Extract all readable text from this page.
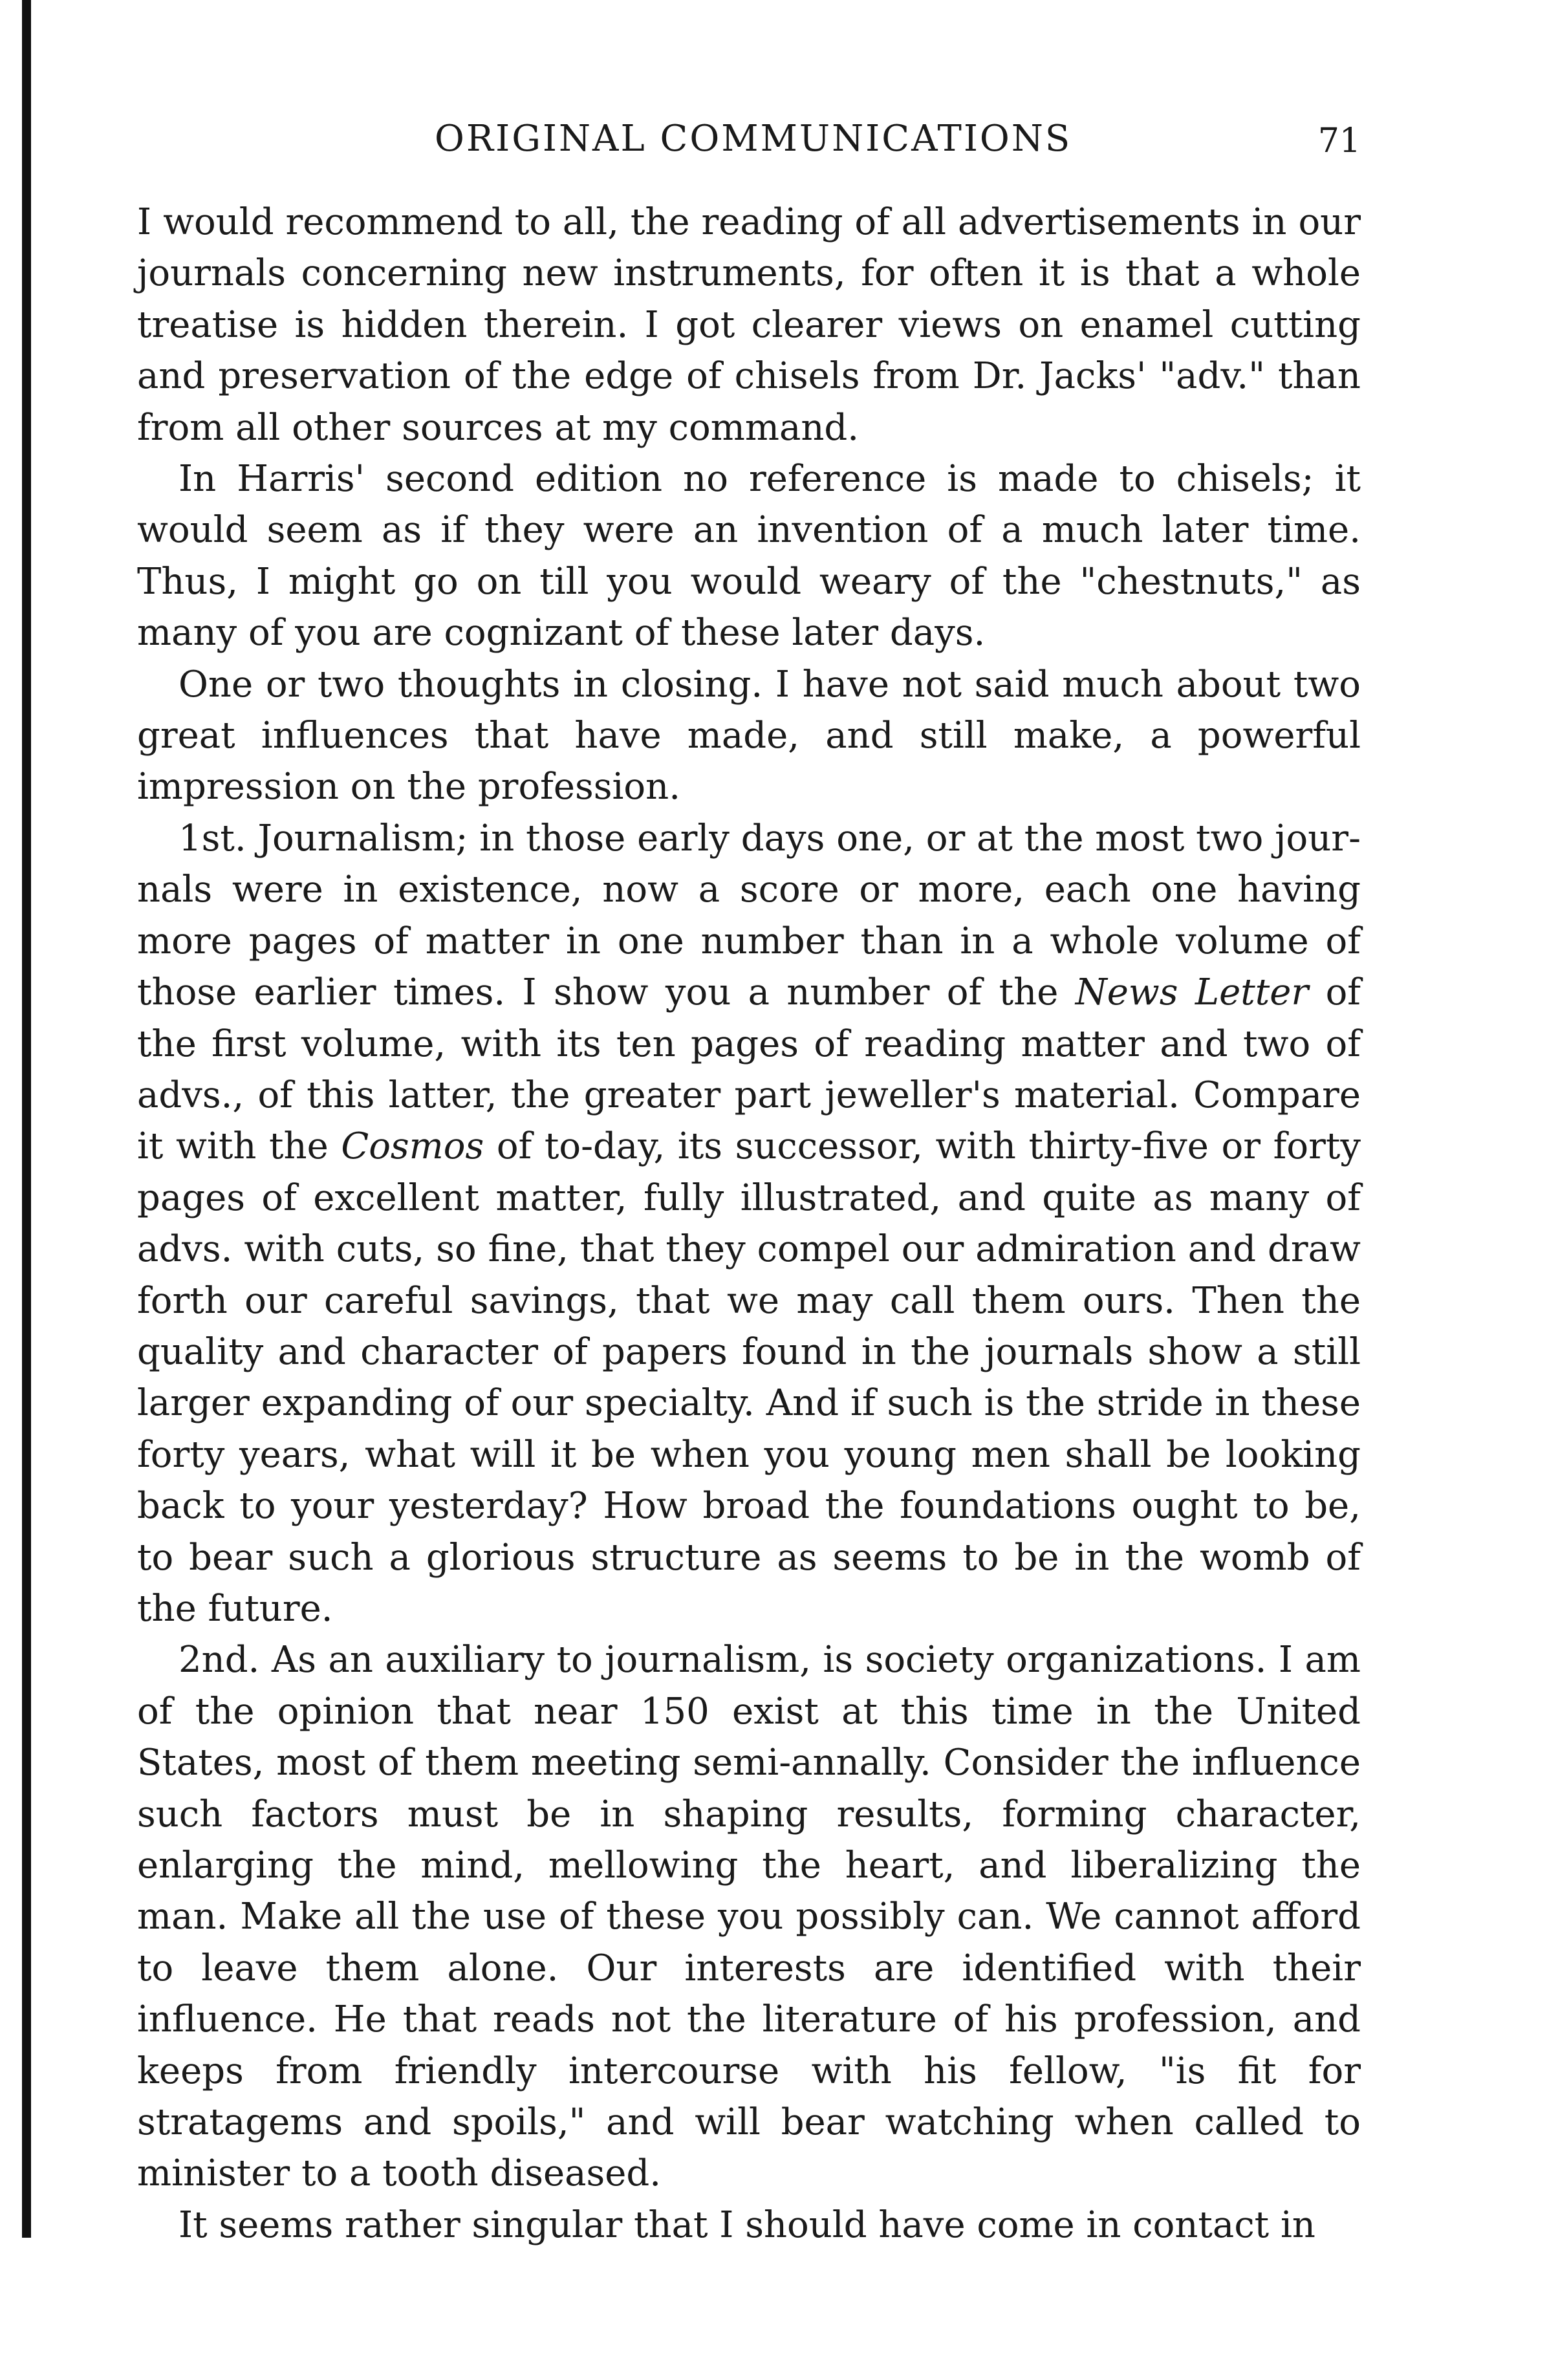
ORIGINAL COMMUNICATIONS	71

I would recommend to all, the reading of all advertisements in our journals concerning new instruments, for often it is that a whole treatise is hidden therein. I got clearer views on enamel cutting and preservation of the edge of chisels from Dr. Jacks' "adv." than from all other sources at my command.

In Harris' second edition no reference is made to chisels; it would seem as if they were an invention of a much later time. Thus, I might go on till you would weary of the "chestnuts," as many of you are cognizant of these later days.

One or two thoughts in closing. I have not said much about two great influences that have made, and still make, a powerful impression on the profession.

1st. Journalism; in those early days one, or at the most two journals were in existence, now a score or more, each one having more pages of matter in one number than in a whole volume of those earlier times. I show you a number of the News Letter of the first volume, with its ten pages of reading matter and two of advs., of this latter, the greater part jeweller's material. Compare it with the Cosmos of to-day, its successor, with thirty-five or forty pages of excellent matter, fully illustrated, and quite as many of advs. with cuts, so fine, that they compel our admiration and draw forth our careful savings, that we may call them ours. Then the quality and character of papers found in the journals show a still larger expanding of our specialty. And if such is the stride in these forty years, what will it be when you young men shall be looking back to your yesterday? How broad the foundations ought to be, to bear such a glorious structure as seems to be in the womb of the future.

2nd. As an auxiliary to journalism, is society organizations. I am of the opinion that near 150 exist at this time in the United States, most of them meeting semi-annally. Consider the influence such factors must be in shaping results, forming character, enlarging the mind, mellowing the heart, and liberalizing the man. Make all the use of these you possibly can. We cannot afford to leave them alone. Our interests are identified with their influence. He that reads not the literature of his profession, and keeps from friendly intercourse with his fellow, "is fit for stratagems and spoils," and will bear watching when called to minister to a tooth diseased.

It seems rather singular that I should have come in contact in
